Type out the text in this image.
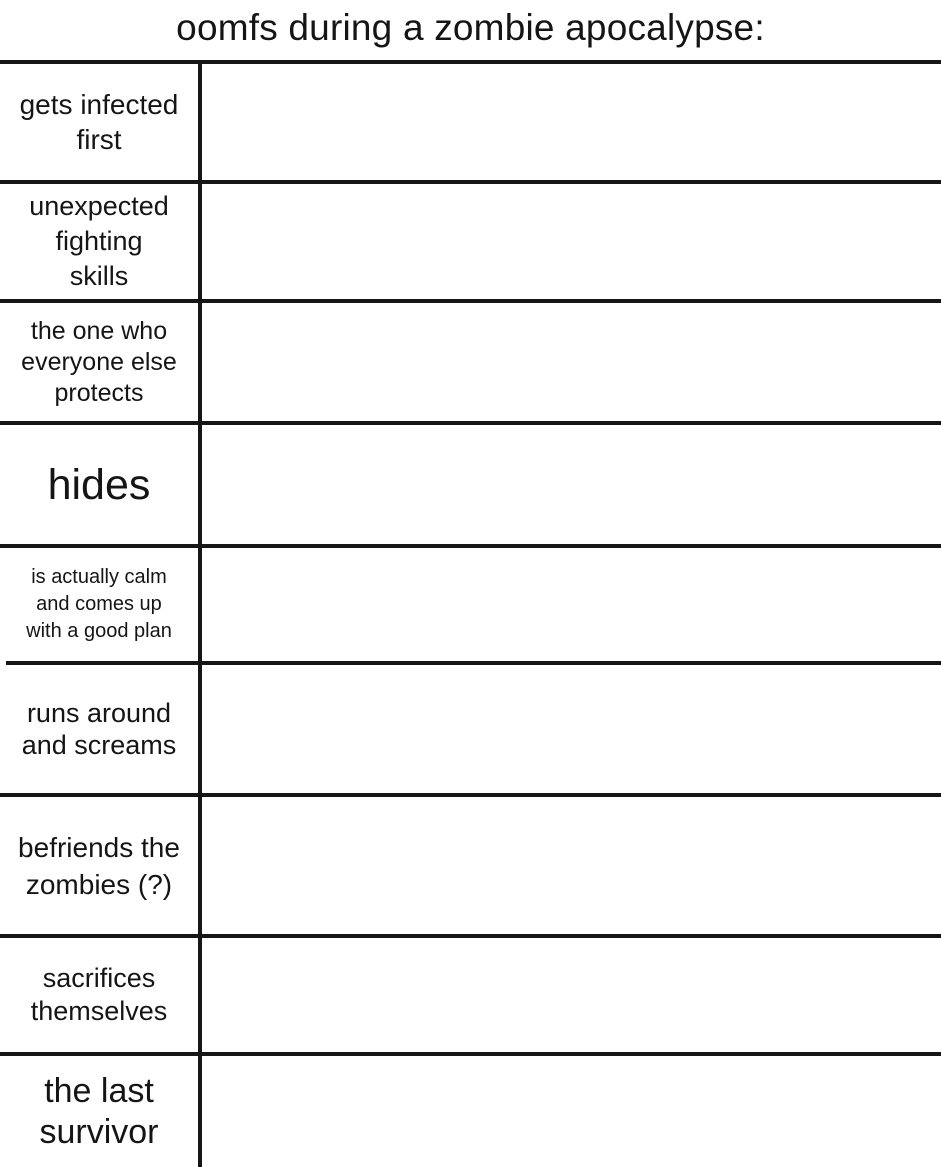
oomfs during a zombie apocalypse:
gets infected
first
unexpected
fighting
skills
the one who
everyone else
protects
hides
is actually calm
and comes up
with a good plan
runs around
and screams
befriends the
zombies (?)
sacrifices
themselves
the last
survivor
